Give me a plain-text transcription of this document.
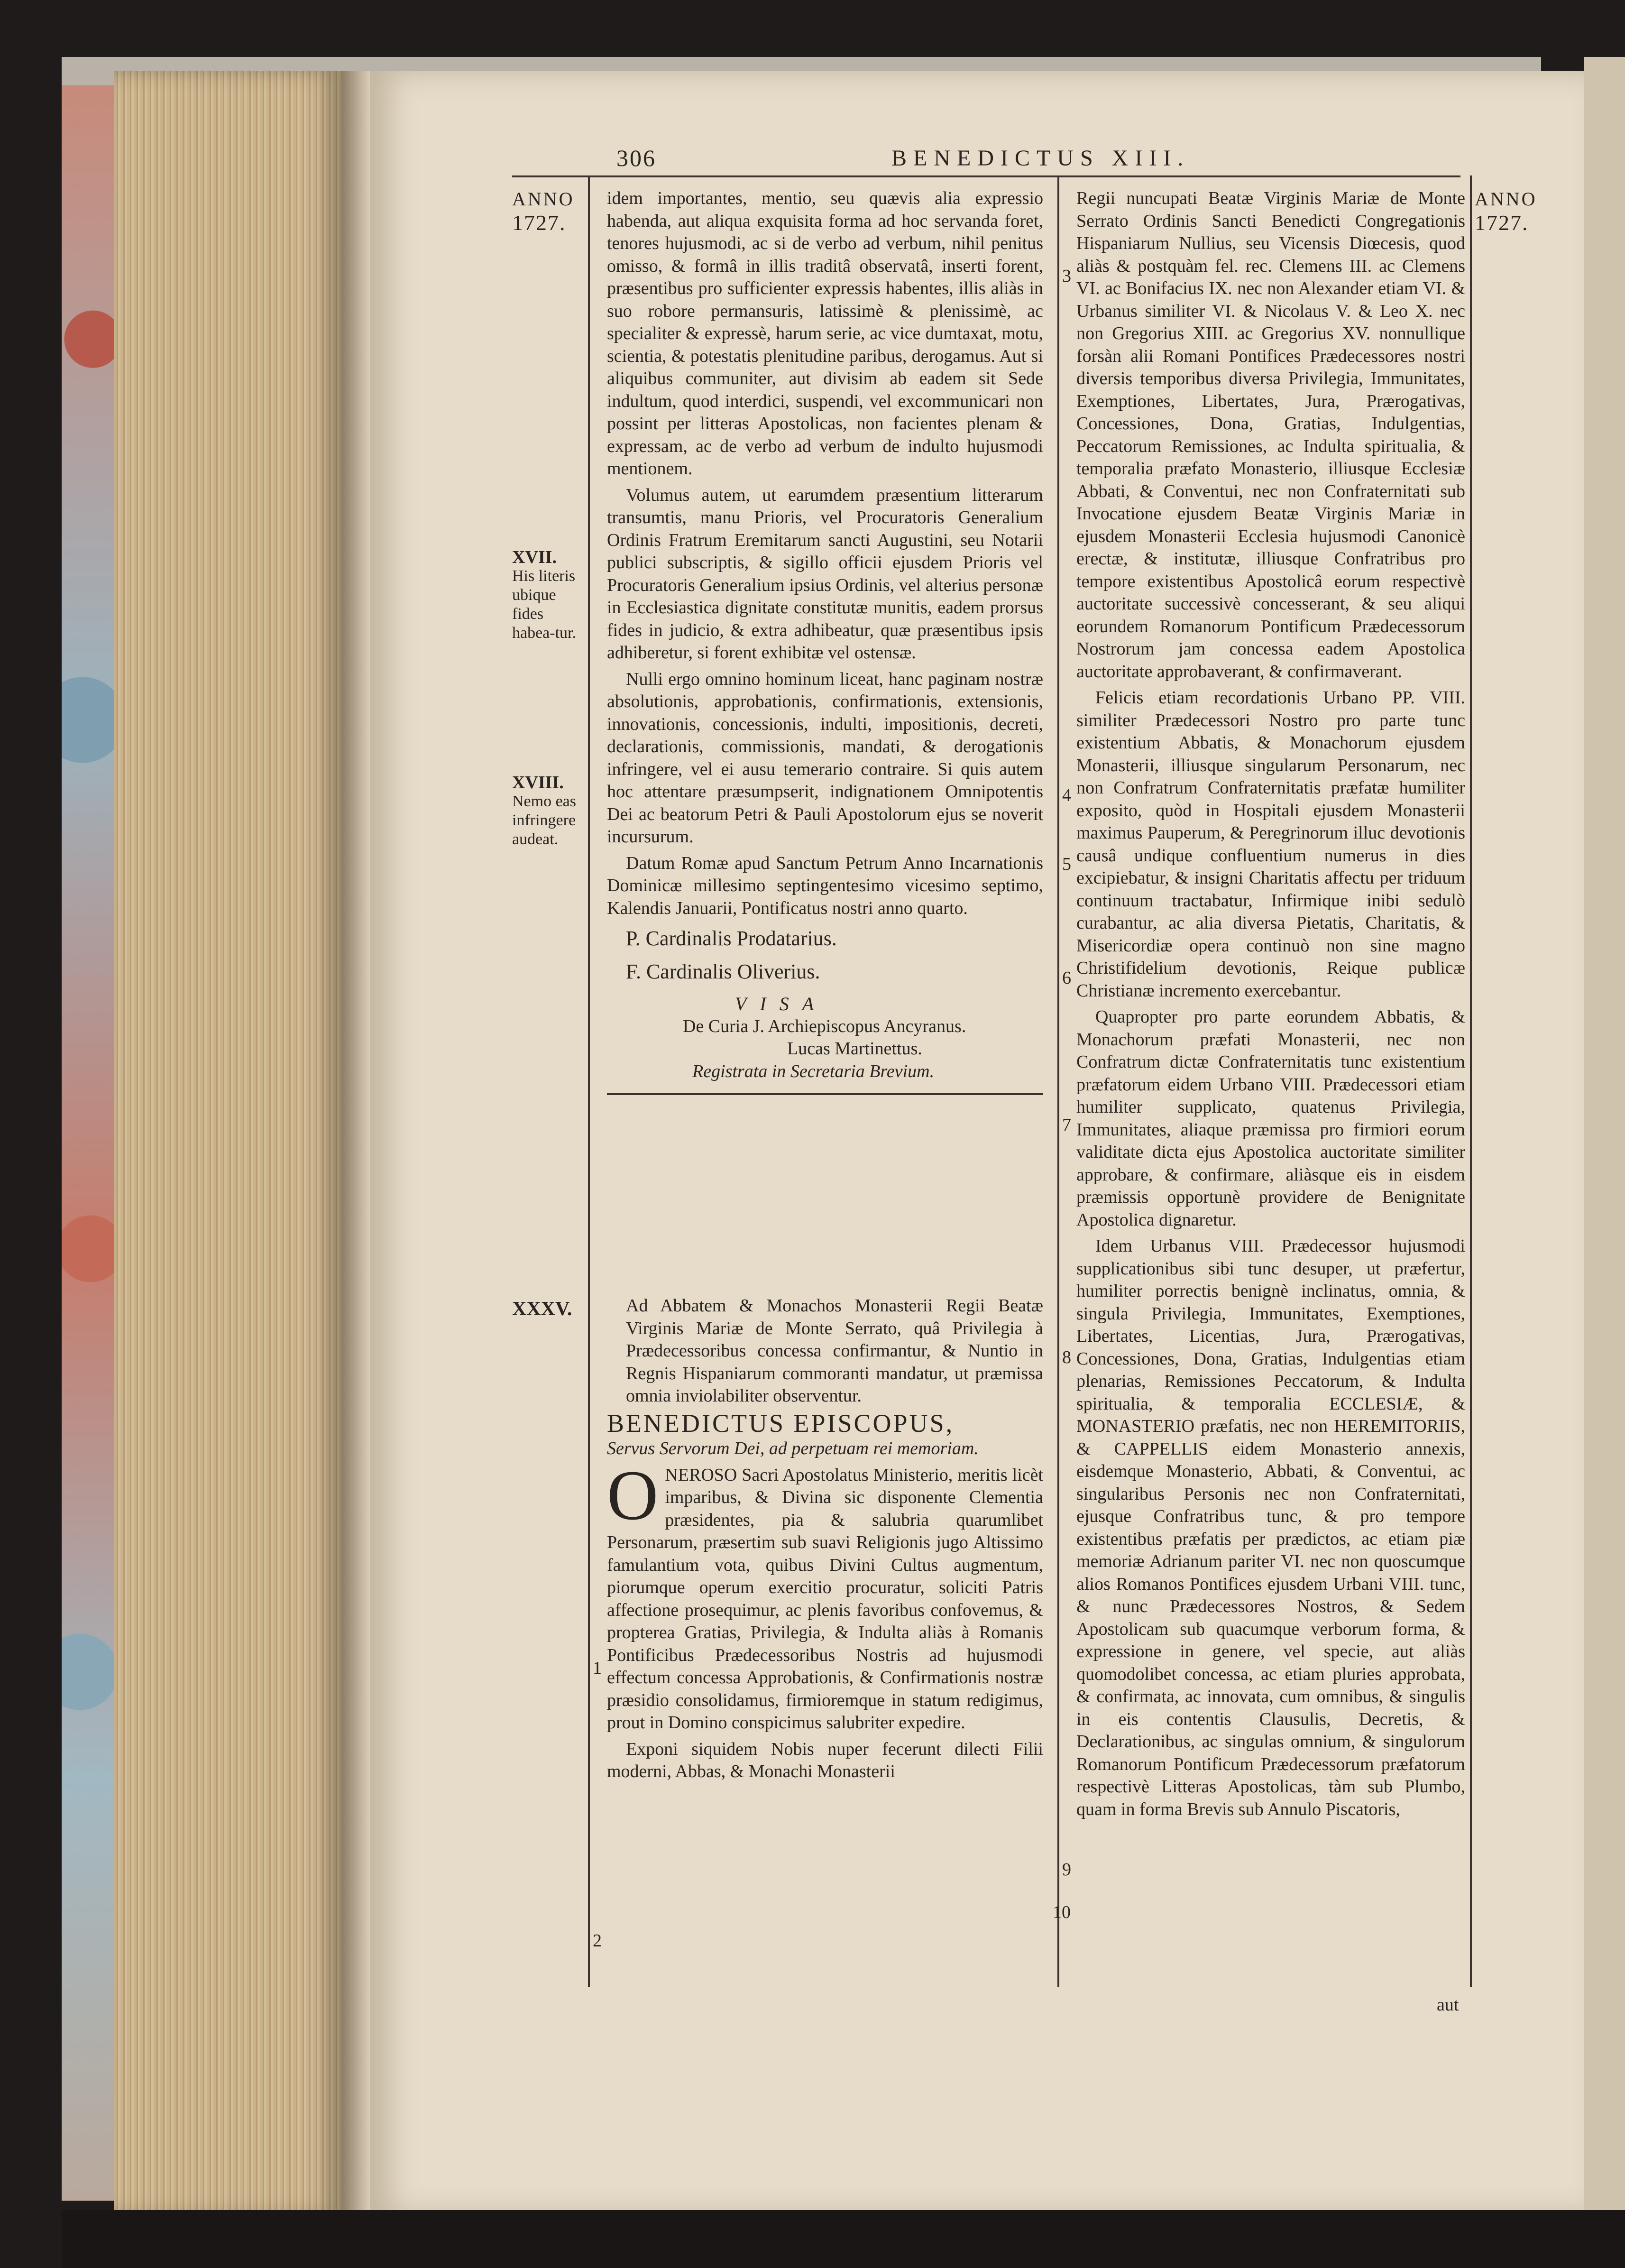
306	BENEDICTUS XIII.
ANNO
1727.
XVII.
His literis ubique fides habea-tur.
XVIII.
Nemo eas infringere audeat.
XXXV.
ANNO
1727.

idem importantes, mentio, seu quævis alia expressio habenda, aut aliqua exquisita forma ad hoc servanda foret, tenores hujusmodi, ac si de verbo ad verbum, nihil penitus omisso, & formâ in illis traditâ observatâ, inserti forent, præsentibus pro sufficienter expressis habentes, illis aliàs in suo robore permansuris, latissimè & plenissimè, ac specialiter & expressè, harum serie, ac vice dumtaxat, motu, scientia, & potestatis plenitudine paribus, derogamus. Aut si aliquibus communiter, aut divisim ab eadem sit Sede indultum, quod interdici, suspendi, vel excommunicari non possint per litteras Apostolicas, non facientes plenam & expressam, ac de verbo ad verbum de indulto hujusmodi mentionem.

Volumus autem, ut earumdem præsentium litterarum transumtis, manu Prioris, vel Procuratoris Generalium Ordinis Fratrum Eremitarum sancti Augustini, seu Notarii publici subscriptis, & sigillo officii ejusdem Prioris vel Procuratoris Generalium ipsius Ordinis, vel alterius personæ in Ecclesiastica dignitate constitutæ munitis, eadem prorsus fides in judicio, & extra adhibeatur, quæ præsentibus ipsis adhiberetur, si forent exhibitæ vel ostensæ.

Nulli ergo omnino hominum liceat, hanc paginam nostræ absolutionis, approbationis, confirmationis, extensionis, innovationis, concessionis, indulti, impositionis, decreti, declarationis, commissionis, mandati, & derogationis infringere, vel ei ausu temerario contraire. Si quis autem hoc attentare præsumpserit, indignationem Omnipotentis Dei ac beatorum Petri & Pauli Apostolorum ejus se noverit incursurum.

Datum Romæ apud Sanctum Petrum Anno Incarnationis Dominicæ millesimo septingentesimo vicesimo septimo, Kalendis Januarii, Pontificatus nostri anno quarto.

P. Cardinalis Prodatarius.
F. Cardinalis Oliverius.
VISA
De Curia J. Archiepiscopus Ancyranus.
Lucas Martinettus.
Registrata in Secretaria Brevium.

Ad Abbatem & Monachos Monasterii Regii Beatæ Virginis Mariæ de Monte Serrato, quâ Privilegia à Prædecessoribus concessa confirmantur, & Nuntio in Regnis Hispaniarum commoranti mandatur, ut præmissa omnia inviolabiliter observentur.

BENEDICTUS EPISCOPUS,

Servus Servorum Dei, ad perpetuam rei memoriam.

ONEROSO Sacri Apostolatus Ministerio, meritis licèt imparibus, & Divina sic disponente Clementia præsidentes, pia & salubria quarumlibet Personarum, præsertim sub suavi Religionis jugo Altissimo famulantium vota, quibus Divini Cultus augmentum, piorumque operum exercitio procuratur, soliciti Patris affectione prosequimur, ac plenis favoribus confovemus, & propterea Gratias, Privilegia, & Indulta aliàs à Romanis Pontificibus Prædecessoribus Nostris ad hujusmodi effectum concessa Approbationis, & Confirmationis nostræ præsidio consolidamus, firmioremque in statum redigimus, prout in Domino conspicimus salubriter expedire.

Exponi siquidem Nobis nuper fecerunt dilecti Filii moderni, Abbas, & Monachi Monasterii

Regii nuncupati Beatæ Virginis Mariæ de Monte Serrato Ordinis Sancti Benedicti Congregationis Hispaniarum Nullius, seu Vicensis Diœcesis, quod aliàs & postquàm fel. rec. Clemens III. ac Clemens VI. ac Bonifacius IX. nec non Alexander etiam VI. & Urbanus similiter VI. & Nicolaus V. & Leo X. nec non Gregorius XIII. ac Gregorius XV. nonnullique forsàn alii Romani Pontifices Prædecessores nostri diversis temporibus diversa Privilegia, Immunitates, Exemptiones, Libertates, Jura, Prærogativas, Concessiones, Dona, Gratias, Indulgentias, Peccatorum Remissiones, ac Indulta spiritualia, & temporalia præfato Monasterio, illiusque Ecclesiæ Abbati, & Conventui, nec non Confraternitati sub Invocatione ejusdem Beatæ Virginis Mariæ in ejusdem Monasterii Ecclesia hujusmodi Canonicè erectæ, & institutæ, illiusque Confratribus pro tempore existentibus Apostolicâ eorum respectivè auctoritate successivè concesserant, & seu aliqui eorundem Romanorum Pontificum Prædecessorum Nostrorum jam concessa eadem Apostolica auctoritate approbaverant, & confirmaverant.

Felicis etiam recordationis Urbano PP. VIII. similiter Prædecessori Nostro pro parte tunc existentium Abbatis, & Monachorum ejusdem Monasterii, illiusque singularum Personarum, nec non Confratrum Confraternitatis præfatæ humiliter exposito, quòd in Hospitali ejusdem Monasterii maximus Pauperum, & Peregrinorum illuc devotionis causâ undique confluentium numerus in dies excipiebatur, & insigni Charitatis affectu per triduum continuum tractabatur, Infirmique inibi sedulò curabantur, ac alia diversa Pietatis, Charitatis, & Misericordiæ opera continuò non sine magno Christifidelium devotionis, Reique publicæ Christianæ incremento exercebantur.

Quapropter pro parte eorundem Abbatis, & Monachorum præfati Monasterii, nec non Confratrum dictæ Confraternitatis tunc existentium præfatorum eidem Urbano VIII. Prædecessori etiam humiliter supplicato, quatenus Privilegia, Immunitates, aliaque præmissa pro firmiori eorum validitate dicta ejus Apostolica auctoritate similiter approbare, & confirmare, aliàsque eis in eisdem præmissis opportunè providere de Benignitate Apostolica dignaretur.

Idem Urbanus VIII. Prædecessor hujusmodi supplicationibus sibi tunc desuper, ut præfertur, humiliter porrectis benignè inclinatus, omnia, & singula Privilegia, Immunitates, Exemptiones, Libertates, Licentias, Jura, Prærogativas, Concessiones, Dona, Gratias, Indulgentias etiam plenarias, Remissiones Peccatorum, & Indulta spiritualia, & temporalia ECCLESIÆ, & MONASTERIO præfatis, nec non HEREMITORIIS, & CAPPELLIS eidem Monasterio annexis, eisdemque Monasterio, Abbati, & Conventui, ac singularibus Personis nec non Confraternitati, ejusque Confratribus tunc, & pro tempore existentibus præfatis per prædictos, ac etiam piæ memoriæ Adrianum pariter VI. nec non quoscumque alios Romanos Pontifices ejusdem Urbani VIII. tunc, & nunc Prædecessores Nostros, & Sedem Apostolicam sub quacumque verborum forma, & expressione in genere, vel specie, aut aliàs quomodolibet concessa, ac etiam pluries approbata, & confirmata, ac innovata, cum omnibus, & singulis in eis contentis Clausulis, Decretis, & Declarationibus, ac singulas omnium, & singulorum Romanorum Pontificum Prædecessorum præfatorum respectivè Litteras Apostolicas, tàm sub Plumbo, quam in forma Brevis sub Annulo Piscatoris,

1
2
3
4
5
6
7
8
9
10
aut
